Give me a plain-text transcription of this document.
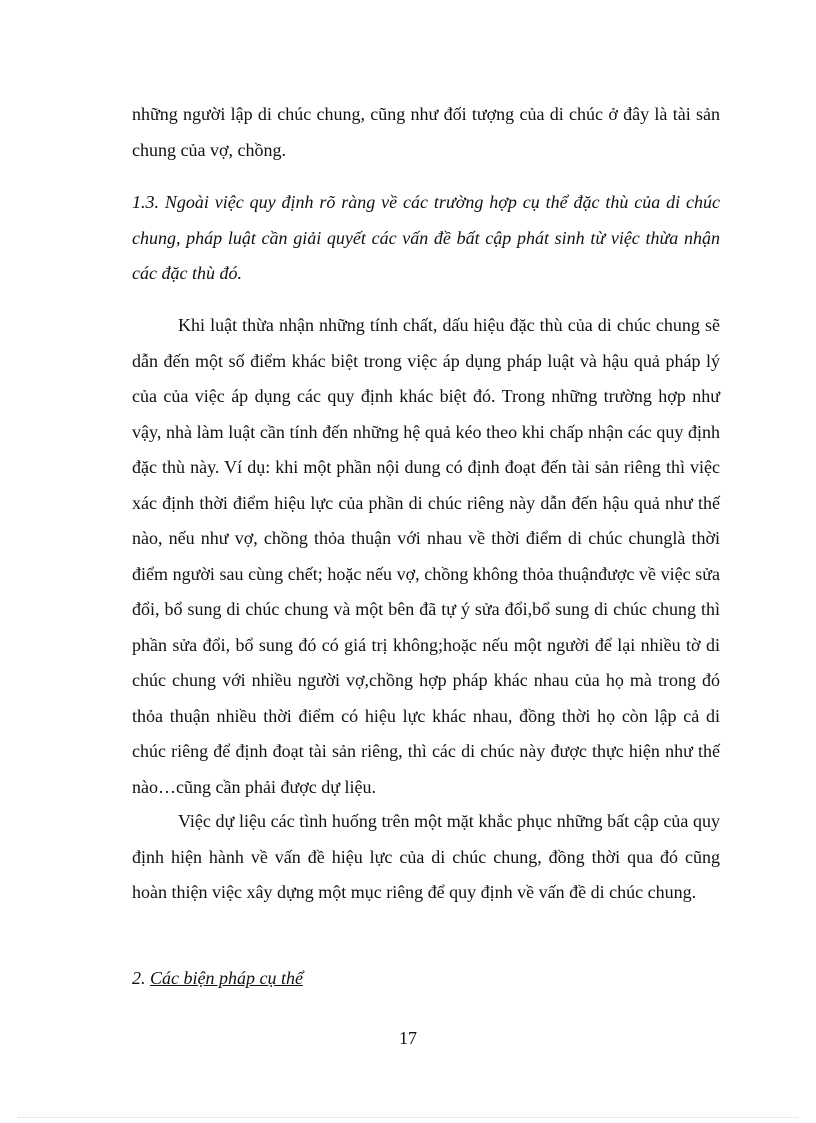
những người lập di chúc chung, cũng như đối tượng của di chúc ở đây là tài sản chung của vợ, chồng.

1.3. Ngoài việc quy định rõ ràng về các trường hợp cụ thể đặc thù của di chúc chung, pháp luật cần giải quyết các vấn đề bất cập phát sinh từ việc thừa nhận các đặc thù đó.

Khi luật thừa nhận những tính chất, dấu hiệu đặc thù của di chúc chung sẽ dẫn đến một số điểm khác biệt trong việc áp dụng pháp luật và hậu quả pháp lý của của việc áp dụng các quy định khác biệt đó. Trong những trường hợp như vậy, nhà làm luật cần tính đến những hệ quả kéo theo khi chấp nhận các quy định đặc thù này. Ví dụ: khi một phần nội dung có định đoạt đến tài sản riêng thì việc xác định thời điểm hiệu lực của phần di chúc riêng này dẫn đến hậu quả như thế nào, nếu như vợ, chồng thỏa thuận với nhau về thời điểm di chúc chunglà thời điểm người sau cùng chết; hoặc nếu vợ, chồng không thỏa thuậnđược về việc sửa đổi, bổ sung di chúc chung và một bên đã tự ý sửa đổi,bổ sung di chúc chung thì phần sửa đổi, bổ sung đó có giá trị không;hoặc nếu một người để lại nhiều tờ di chúc chung với nhiều người vợ,chồng hợp pháp khác nhau của họ mà trong đó thỏa thuận nhiều thời điểm có hiệu lực khác nhau, đồng thời họ còn lập cả di chúc riêng để định đoạt tài sản riêng, thì các di chúc này được thực hiện như thế nào…cũng cần phải được dự liệu.

Việc dự liệu các tình huống trên một mặt khắc phục những bất cập của quy định hiện hành về vấn đề hiệu lực của di chúc chung, đồng thời qua đó cũng hoàn thiện việc xây dựng một mục riêng để quy định về vấn đề di chúc chung.

2. Các biện pháp cụ thể
17
